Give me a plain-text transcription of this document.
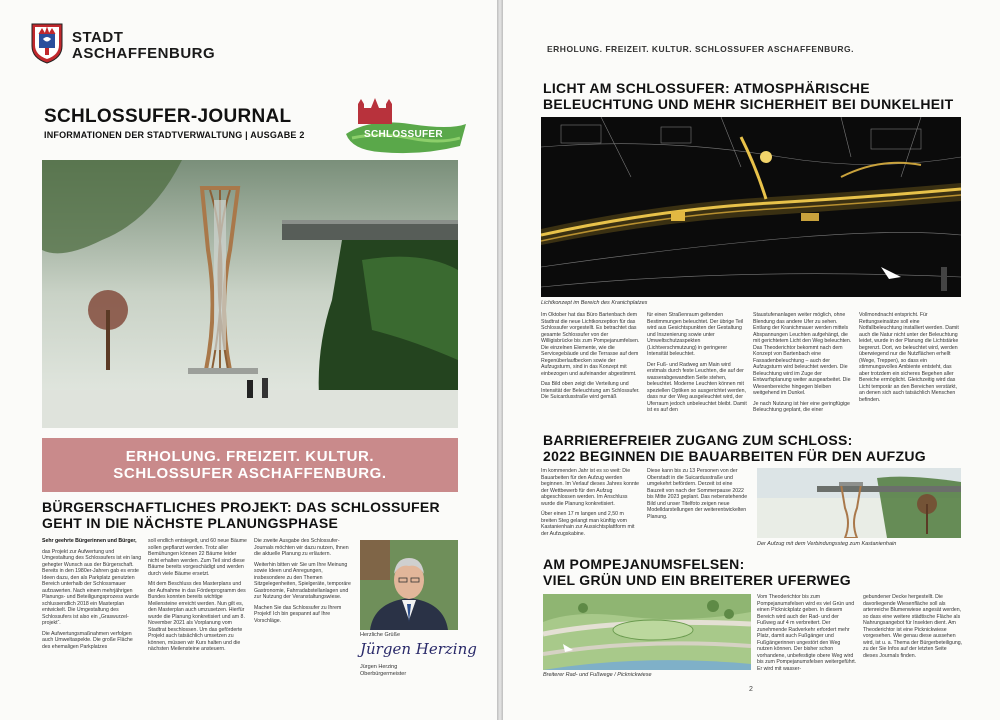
STADT
ASCHAFFENBURG
SCHLOSSUFER-JOURNAL
INFORMATIONEN DER STADTVERWALTUNG | AUSGABE 2	SCHLOSSUFER
ERHOLUNG. FREIZEIT. KULTUR.
SCHLOSSUFER ASCHAFFENBURG.
BÜRGERSCHAFTLICHES PROJEKT: DAS SCHLOSSUFER
GEHT IN DIE NÄCHSTE PLANUNGSPHASE

Sehr geehrte Bürgerinnen und Bürger,

das Projekt zur Aufwertung und Umgestaltung des Schlossufers ist ein lang gehegter Wunsch aus der Bürgerschaft. Bereits in den 1980er-Jahren gab es erste Ideen dazu, den als Parkplatz genutzten Bereich unterhalb der Schlossmauer aufzuwerten. Nach einem mehrjährigen Planungs- und Beteiligungsprozess wurde schlussendlich 2018 ein Masterplan entwickelt. Die Umgestaltung des Schlossufers ist also ein „Graswurzel-projekt“.

Die Aufwertungsmaßnahmen verfolgen auch Umweltaspekte. Die große Fläche des ehemaligen Parkplatzes

soll endlich entsiegelt, und 60 neue Bäume sollen gepflanzt werden. Trotz aller Bemühungen können 22 Bäume leider nicht erhalten werden. Zum Teil sind diese Bäume bereits vorgeschädigt und werden durch viele Bäume ersetzt.

Mit dem Beschluss des Masterplans und der Aufnahme in das Förderprogramm des Bundes konnten bereits wichtige Meilensteine erreicht werden. Nun gilt es, den Masterplan auch umzusetzen. Hierfür wurde die Planung konkretisiert und am 8. November 2021 als Vorplanung vom Stadtrat beschlossen. Um das geförderte Projekt auch tatsächlich umsetzen zu können, müssen wir Kurs halten und die nächsten Meilensteine ansteuern.

Die zweite Ausgabe des Schlossufer-Journals möchten wir dazu nutzen, Ihnen die aktuelle Planung zu erläutern.

Weiterhin bitten wir Sie um Ihre Meinung sowie Ideen und Anregungen, insbesondere zu den Themen Sitzgelegenheiten, Spielgeräte, temporäre Gastronomie, Fahrradabstellanlagen und zur Nutzung der Veranstaltungswiese.

Machen Sie das Schlossufer zu Ihrem Projekt! Ich bin gespannt auf Ihre Vorschläge.

Herzliche Grüße
Jürgen Herzing
Jürgen Herzing
Oberbürgermeister
ERHOLUNG. FREIZEIT. KULTUR. SCHLOSSUFER ASCHAFFENBURG.
LICHT AM SCHLOSSUFER: ATMOSPHÄRISCHE
BELEUCHTUNG UND MEHR SICHERHEIT BEI DUNKELHEIT
Lichtkonzept im Bereich des Kranichplatzes

Im Oktober hat das Büro Bartenbach dem Stadtrat die neue Lichtkonzeption für das Schlossufer vorgestellt. Es betrachtet das gesamte Schlossufer von der Willigisbrücke bis zum Pompejanumfelsen. Die einzelnen Elemente, wie die Servicegebäude und die Terrasse auf dem Regenüberlaufbecken sowie der Aufzugsturm, sind in das Konzept mit einbezogen und aufeinander abgestimmt.

Das Bild oben zeigt die Verteilung und Intensität der Beleuchtung am Schlossufer. Die Suicardusstraße wird gemäß

für einen Straßenraum geltenden Bestimmungen beleuchtet. Der übrige Teil wird aus Gesichtspunkten der Gestaltung und Inszenierung sowie unter Umweltschutzaspekten (Lichtverschmutzung) in geringerer Intensität beleuchtet.

Der Fuß- und Radweg am Main wird erstmals durch feste Leuchten, die auf der wasserabgewandten Seite stehen, beleuchtet. Moderne Leuchten können mit speziellen Optiken so ausgerichtet werden, dass nur der Weg ausgeleuchtet wird, der Uferraum jedoch unbeleuchtet bleibt. Damit ist es auf den

Staustufenanlagen weiter möglich, ohne Blendung das andere Ufer zu sehen. Entlang der Kranichmauer werden mittels Abspannungen Leuchten aufgehängt, die mit gerichtetem Licht den Weg beleuchten. Das Theoderichtor bekommt nach dem Konzept von Bartenbach eine Fassadenbeleuchtung – auch der Aufzugsturm wird beleuchtet werden. Die Beleuchtung wird im Zuge der Entwurfsplanung weiter ausgearbeitet. Die Wiesenbereiche hingegen bleiben weitgehend im Dunkel.

Je nach Nutzung ist hier eine geringfügige Beleuchtung geplant, die einer

Vollmondnacht entspricht. Für Rettungseinsätze soll eine Notfallbeleuchtung installiert werden. Damit auch die Natur nicht unter der Beleuchtung leidet, wurde in der Planung die Lichtstärke begrenzt. Dort, wo beleuchtet wird, werden überwiegend nur die Nutzflächen erhellt (Wege, Treppen), so dass ein stimmungsvolles Ambiente entsteht, das aber trotzdem ein sicheres Begehen aller Bereiche ermöglicht. Gleichzeitig wird das Licht temporär an den Bereichen verstärkt, an denen sich auch tatsächlich Menschen befinden.

BARRIEREFREIER ZUGANG ZUM SCHLOSS:
2022 BEGINNEN DIE BAUARBEITEN FÜR DEN AUFZUG

Im kommenden Jahr ist es so weit: Die Bauarbeiten für den Aufzug werden beginnen. Im Verlauf dieses Jahres konnte der Wettbewerb für den Aufzug abgeschlossen werden. Im Anschluss wurde die Planung konkretisiert.

Über einen 17 m langen und 2,50 m breiten Steg gelangt man künftig vom Kastanienhain zur Aussichtsplattform mit der Aufzugskabine.

Diese kann bis zu 13 Personen von der Oberstadt in die Suicardusstraße und umgekehrt befördern. Derzeit ist eine Bauzeit von nach der Sommerpause 2022 bis Mitte 2023 geplant. Das nebenstehende Bild und unser Titelfoto zeigen neue Modelldarstellungen der weiterentwickelten Planung.

Der Aufzug mit dem Verbindungssteg zum Kastanienhain
AM POMPEJANUMSFELSEN:
VIEL GRÜN UND EIN BREITERER UFERWEG
Breiterer Rad- und Fußwege / Picknickwiese

Vom Theoderichtor bis zum Pompejanumsfelsen wird es viel Grün und einen Picknickplatz geben. In diesem Bereich wird auch der Rad- und der Fußweg auf 4 m verbreitert. Der zunehmende Radverkehr erfordert mehr Platz, damit auch Fußgänger und Fußgängerinnen ungestört den Weg nutzen können. Der bisher schon vorhandene, unbefestigte obere Weg wird bis zum Pompejanumsfelsen weitergeführt. Er wird mit wasser-

gebundener Decke hergestellt. Die davorliegende Wiesenfläche soll als artenreiche Blumenwiese angesät werden, so dass eine weitere städtische Fläche als Nahrungsangebot für Insekten dient. Am Theoderichtor ist eine Picknickwiese vorgesehen. Wie genau diese aussehen wird, ist u. a. Thema der Bürgerbeteiligung, zu der Sie Infos auf der letzten Seite dieses Journals finden.

2
